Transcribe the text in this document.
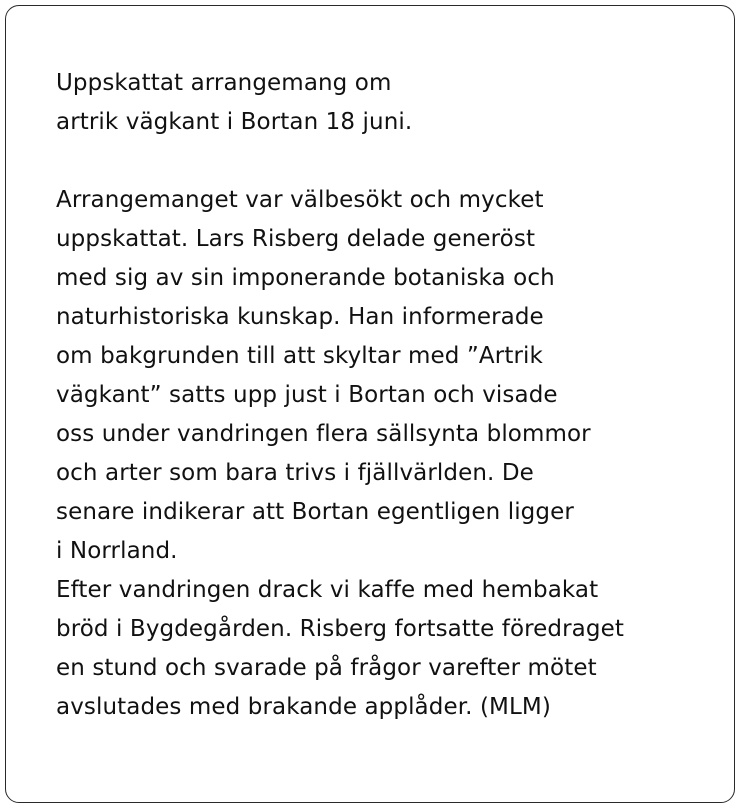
Uppskattat arrangemang om
artrik vägkant i Bortan 18 juni.
Arrangemanget var välbesökt och mycket
uppskattat. Lars Risberg delade generöst
med sig av sin imponerande botaniska och
naturhistoriska kunskap. Han informerade
om bakgrunden till att skyltar med ”Artrik
vägkant” satts upp just i Bortan och visade
oss under vandringen flera sällsynta blommor
och arter som bara trivs i fjällvärlden. De
senare indikerar att Bortan egentligen ligger
i Norrland.
Efter vandringen drack vi kaffe med hembakat
bröd i Bygdegården. Risberg fortsatte föredraget
en stund och svarade på frågor varefter mötet
avslutades med brakande applåder. (MLM)
